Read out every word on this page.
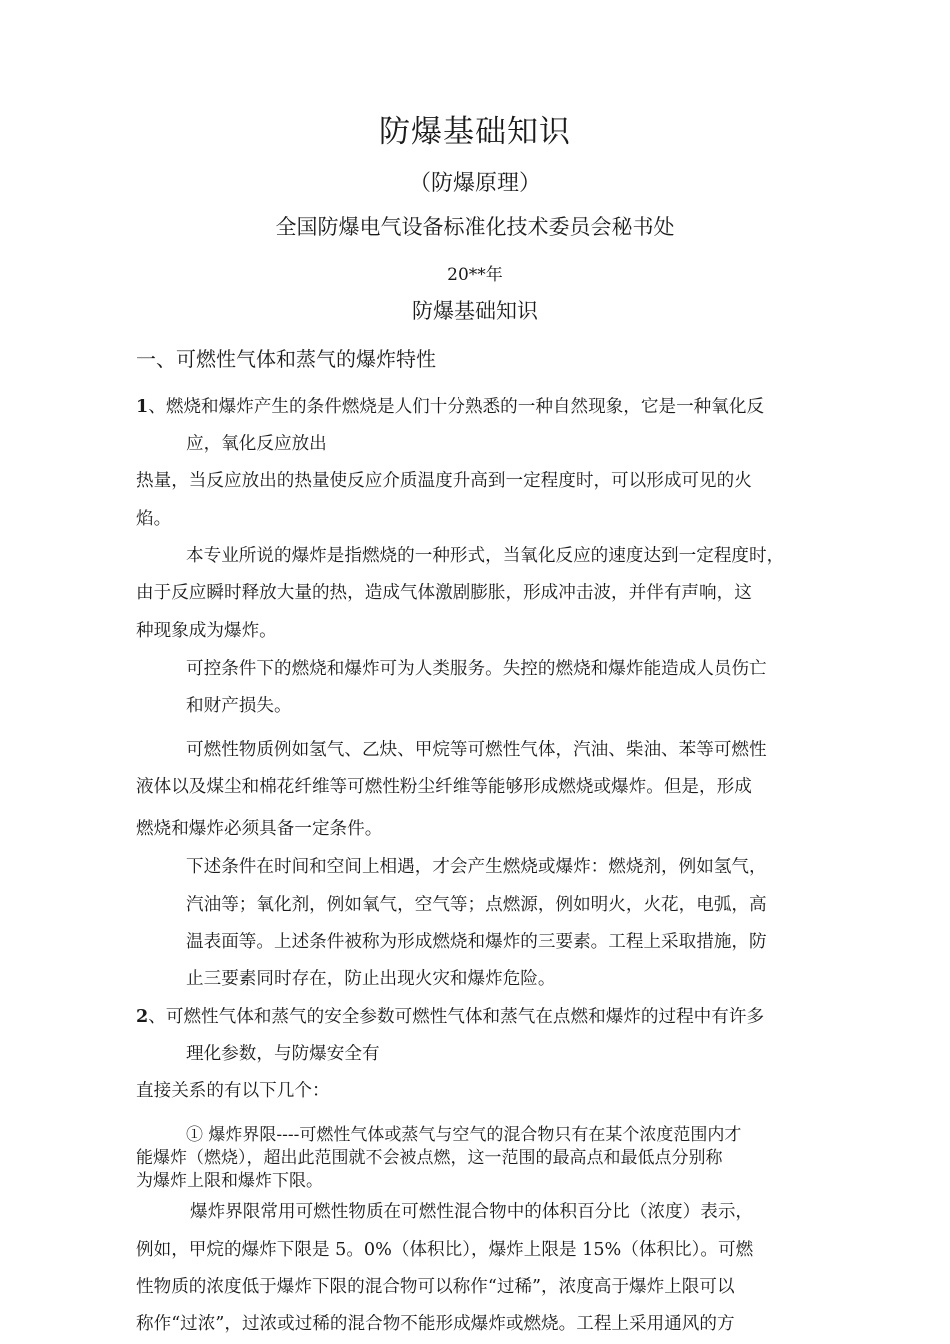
防爆基础知识
（防爆原理）
全国防爆电气设备标准化技术委员会秘书处
20**年
防爆基础知识
一、可燃性气体和蒸气的爆炸特性
1、燃烧和爆炸产生的条件燃烧是人们十分熟悉的一种自然现象，它是一种氧化反
应，氧化反应放出
热量，当反应放出的热量使反应介质温度升高到一定程度时，可以形成可见的火
焰。
本专业所说的爆炸是指燃烧的一种形式，当氧化反应的速度达到一定程度时，
由于反应瞬时释放大量的热，造成气体激剧膨胀，形成冲击波，并伴有声响，这
种现象成为爆炸。
可控条件下的燃烧和爆炸可为人类服务。失控的燃烧和爆炸能造成人员伤亡
和财产损失。
可燃性物质例如氢气、乙炔、甲烷等可燃性气体，汽油、柴油、苯等可燃性
液体以及煤尘和棉花纤维等可燃性粉尘纤维等能够形成燃烧或爆炸。但是，形成
燃烧和爆炸必须具备一定条件。
下述条件在时间和空间上相遇，才会产生燃烧或爆炸：燃烧剂，例如氢气，
汽油等；氧化剂，例如氧气，空气等；点燃源，例如明火，火花，电弧，高
温表面等。上述条件被称为形成燃烧和爆炸的三要素。工程上采取措施，防
止三要素同时存在，防止出现火灾和爆炸危险。
2、可燃性气体和蒸气的安全参数可燃性气体和蒸气在点燃和爆炸的过程中有许多
理化参数，与防爆安全有
直接关系的有以下几个：
① 爆炸界限----可燃性气体或蒸气与空气的混合物只有在某个浓度范围内才
能爆炸（燃烧），超出此范围就不会被点燃，这一范围的最高点和最低点分别称
为爆炸上限和爆炸下限。
爆炸界限常用可燃性物质在可燃性混合物中的体积百分比（浓度）表示，
例如，甲烷的爆炸下限是 5。0%（体积比），爆炸上限是 15%（体积比）。可燃
性物质的浓度低于爆炸下限的混合物可以称作“过稀”，浓度高于爆炸上限可以
称作“过浓”，过浓或过稀的混合物不能形成爆炸或燃烧。工程上采用通风的方
